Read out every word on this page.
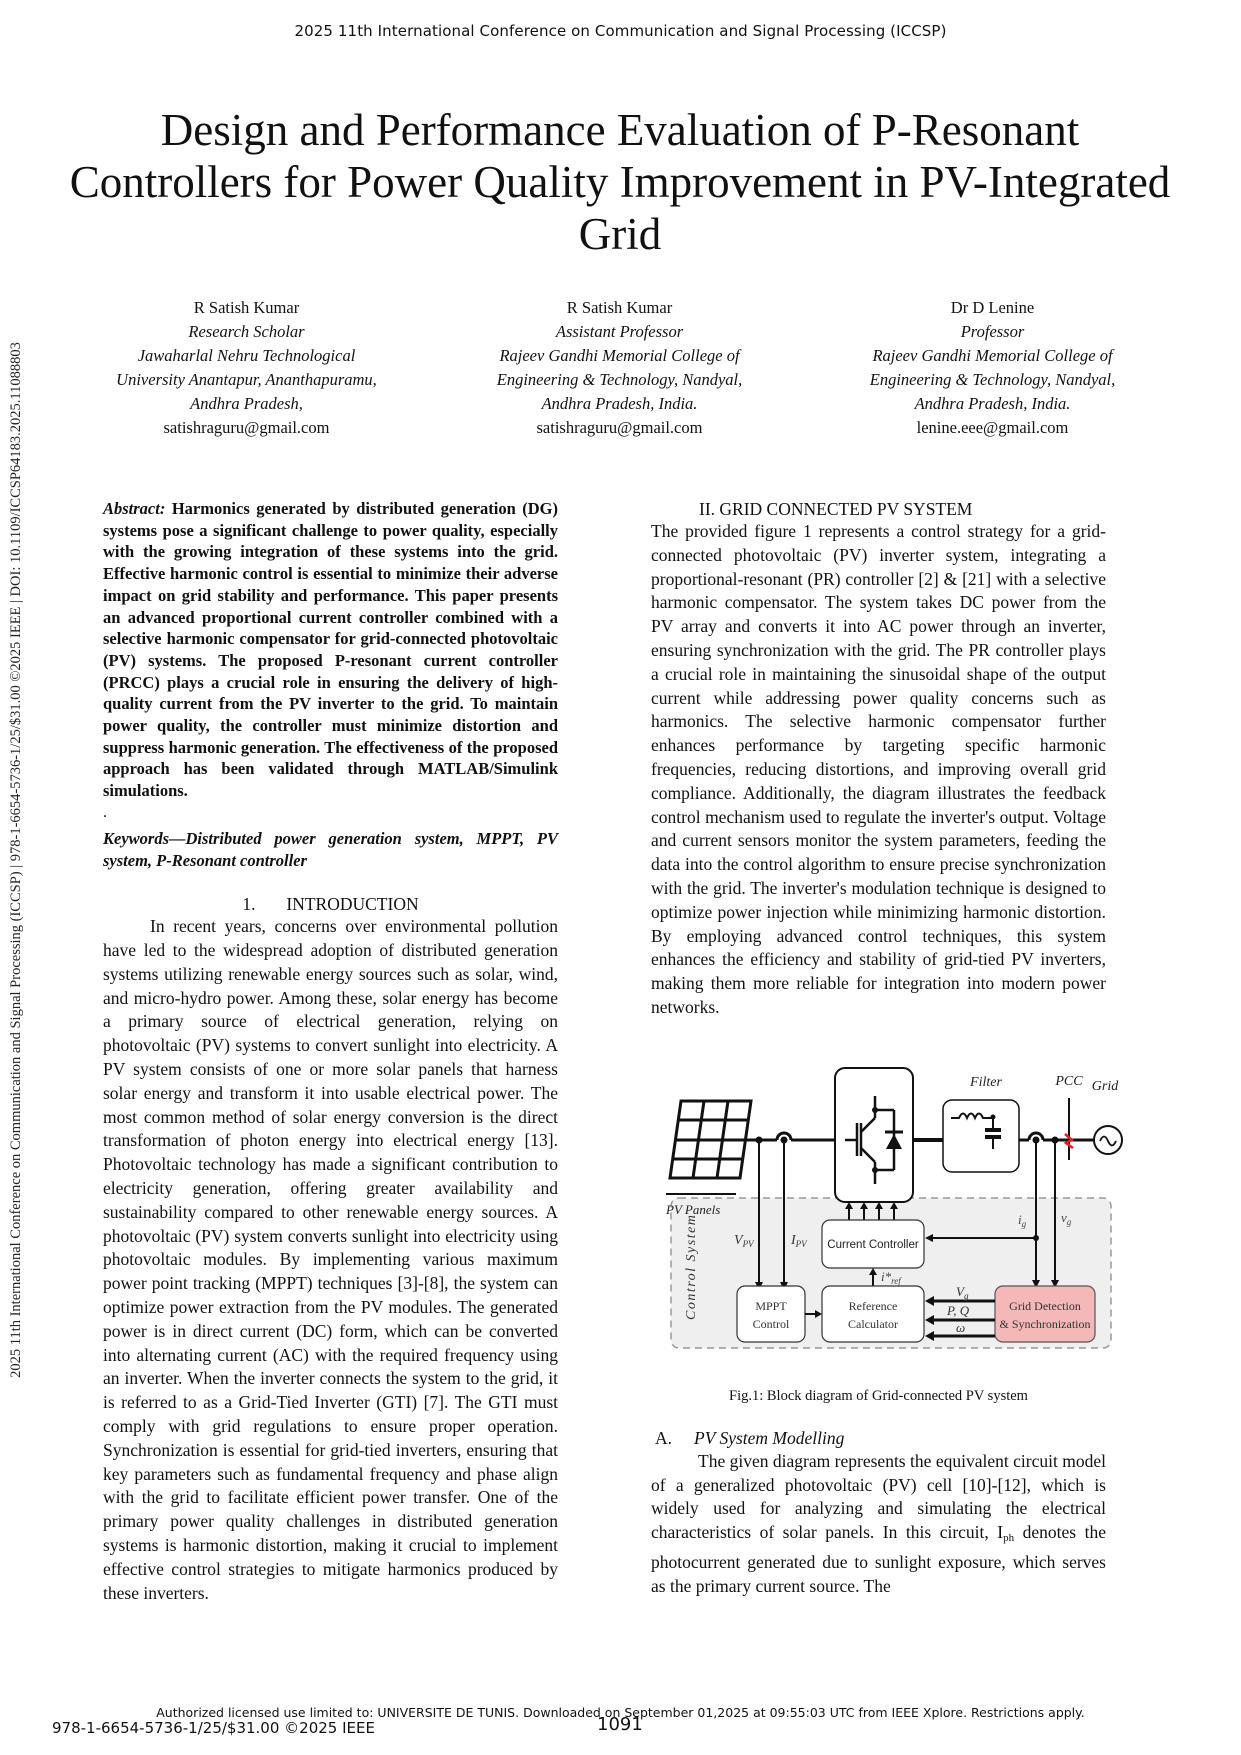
2025 11th International Conference on Communication and Signal Processing (ICCSP)
2025 11th International Conference on Communication and Signal Processing (ICCSP) | 978-1-6654-5736-1/25/$31.00 ©2025 IEEE | DOI: 10.1109/ICCSP64183.2025.11088803
Design and Performance Evaluation of P-Resonant Controllers for Power Quality Improvement in PV-Integrated Grid
R Satish Kumar
Research Scholar
Jawaharlal Nehru Technological
University Anantapur, Ananthapuramu,
Andhra Pradesh,
satishraguru@gmail.com
R Satish Kumar
Assistant Professor
Rajeev Gandhi Memorial College of
Engineering & Technology, Nandyal,
Andhra Pradesh, India.
satishraguru@gmail.com
Dr D Lenine
Professor
Rajeev Gandhi Memorial College of
Engineering & Technology, Nandyal,
Andhra Pradesh, India.
lenine.eee@gmail.com

Abstract: Harmonics generated by distributed generation (DG) systems pose a significant challenge to power quality, especially with the growing integration of these systems into the grid. Effective harmonic control is essential to minimize their adverse impact on grid stability and performance. This paper presents an advanced proportional current controller combined with a selective harmonic compensator for grid-connected photovoltaic (PV) systems. The proposed P-resonant current controller (PRCC) plays a crucial role in ensuring the delivery of high-quality current from the PV inverter to the grid. To maintain power quality, the controller must minimize distortion and suppress harmonic generation. The effectiveness of the proposed approach has been validated through MATLAB/Simulink simulations.

.

Keywords—Distributed power generation system, MPPT, PV system, P-Resonant controller

1. INTRODUCTION

In recent years, concerns over environmental pollution have led to the widespread adoption of distributed generation systems utilizing renewable energy sources such as solar, wind, and micro-hydro power. Among these, solar energy has become a primary source of electrical generation, relying on photovoltaic (PV) systems to convert sunlight into electricity. A PV system consists of one or more solar panels that harness solar energy and transform it into usable electrical power. The most common method of solar energy conversion is the direct transformation of photon energy into electrical energy [13]. Photovoltaic technology has made a significant contribution to electricity generation, offering greater availability and sustainability compared to other renewable energy sources. A photovoltaic (PV) system converts sunlight into electricity using photovoltaic modules. By implementing various maximum power point tracking (MPPT) techniques [3]-[8], the system can optimize power extraction from the PV modules. The generated power is in direct current (DC) form, which can be converted into alternating current (AC) with the required frequency using an inverter. When the inverter connects the system to the grid, it is referred to as a Grid-Tied Inverter (GTI) [7]. The GTI must comply with grid regulations to ensure proper operation. Synchronization is essential for grid-tied inverters, ensuring that key parameters such as fundamental frequency and phase align with the grid to facilitate efficient power transfer. One of the primary power quality challenges in distributed generation systems is harmonic distortion, making it crucial to implement effective control strategies to mitigate harmonics produced by these inverters.

II. GRID CONNECTED PV SYSTEM

The provided figure 1 represents a control strategy for a grid-connected photovoltaic (PV) inverter system, integrating a proportional-resonant (PR) controller [2] & [21] with a selective harmonic compensator. The system takes DC power from the PV array and converts it into AC power through an inverter, ensuring synchronization with the grid. The PR controller plays a crucial role in maintaining the sinusoidal shape of the output current while addressing power quality concerns such as harmonics. The selective harmonic compensator further enhances performance by targeting specific harmonic frequencies, reducing distortions, and improving overall grid compliance. Additionally, the diagram illustrates the feedback control mechanism used to regulate the inverter's output. Voltage and current sensors monitor the system parameters, feeding the data into the control algorithm to ensure precise synchronization with the grid. The inverter's modulation technique is designed to optimize power injection while minimizing harmonic distortion. By employing advanced control techniques, this system enhances the efficiency and stability of grid-tied PV inverters, making them more reliable for integration into modern power networks.

Filter	PCC Grid
PV Panels
Control System	$V_{PV}$	$I_{PV}$ Current Controller
$i_g$	$v_g$
$i*_{ref}$
MPPT
Control
Reference
Calculator
Grid Detection
& Synchronization
$V_g$
P, Q
ω
Fig.1: Block diagram of Grid-connected PV system
A. PV System Modelling

The given diagram represents the equivalent circuit model of a generalized photovoltaic (PV) cell [10]-[12], which is widely used for analyzing and simulating the electrical characteristics of solar panels. In this circuit, $I_{ph}$ denotes the photocurrent generated due to sunlight exposure, which serves as the primary current source. The

Authorized licensed use limited to: UNIVERSITE DE TUNIS. Downloaded on September 01,2025 at 09:55:03 UTC from IEEE Xplore. Restrictions apply.
978-1-6654-5736-1/25/$31.00 ©2025 IEEE	1091
